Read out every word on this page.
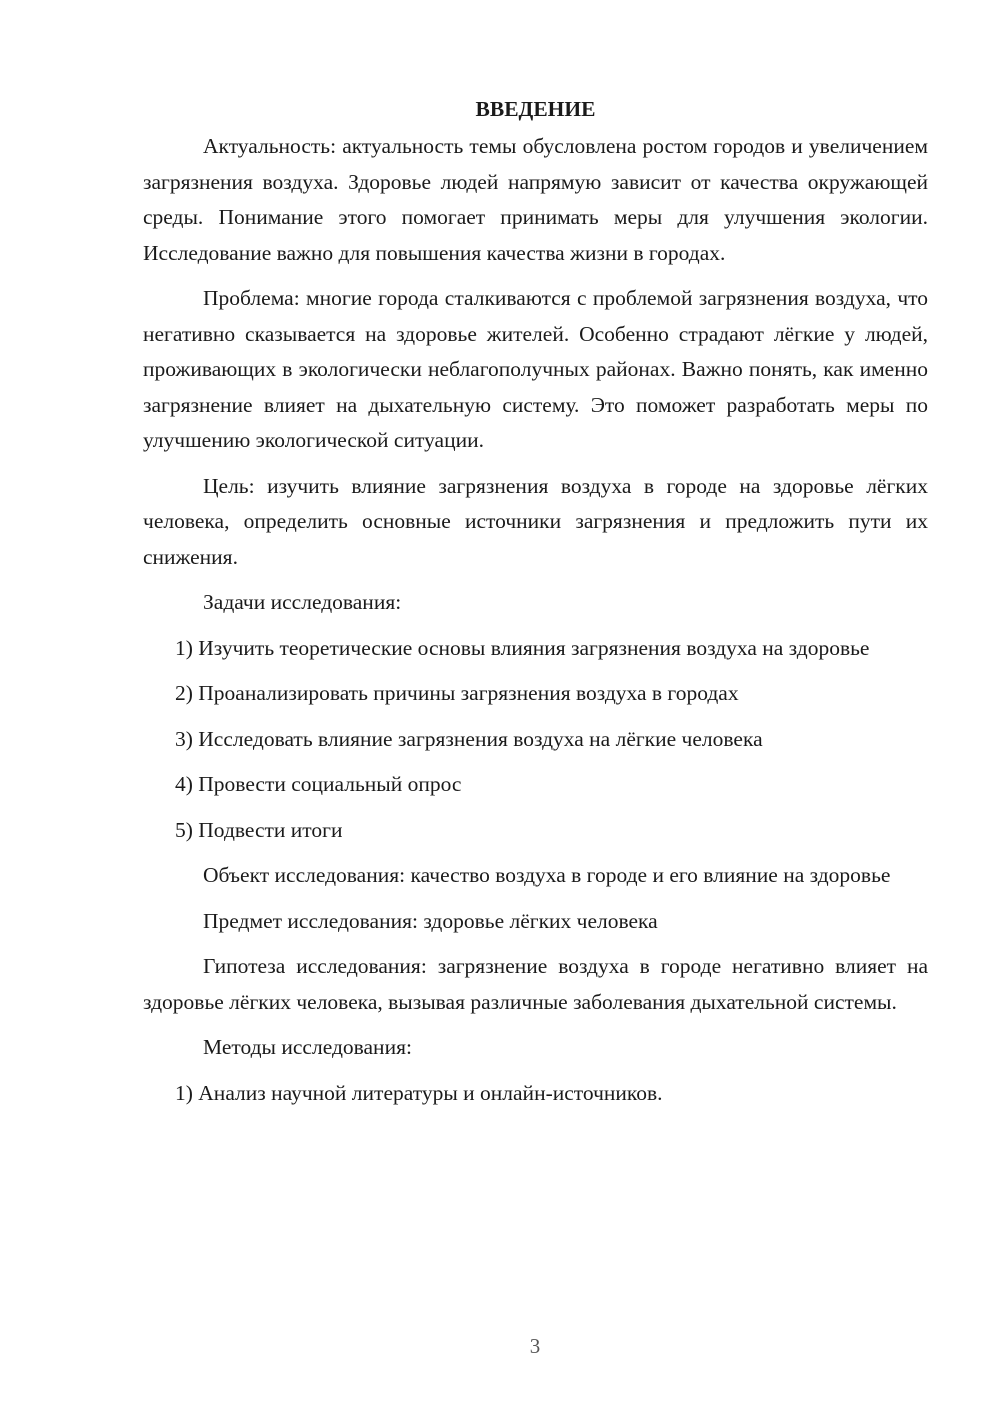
ВВЕДЕНИЕ

Актуальность: актуальность темы обусловлена ростом городов и увеличением загрязнения воздуха. Здоровье людей напрямую зависит от качества окружающей среды. Понимание этого помогает принимать меры для улучшения экологии. Исследование важно для повышения качества жизни в городах.

Проблема: многие города сталкиваются с проблемой загрязнения воздуха, что негативно сказывается на здоровье жителей. Особенно страдают лёгкие у людей, проживающих в экологически неблагополучных районах. Важно понять, как именно загрязнение влияет на дыхательную систему. Это поможет разработать меры по улучшению экологической ситуации.

Цель: изучить влияние загрязнения воздуха в городе на здоровье лёгких человека, определить основные источники загрязнения и предложить пути их снижения.

Задачи исследования:

1) Изучить теоретические основы влияния загрязнения воздуха на здоровье

2) Проанализировать причины загрязнения воздуха в городах

3) Исследовать влияние загрязнения воздуха на лёгкие человека

4) Провести социальный опрос

5) Подвести итоги

Объект исследования: качество воздуха в городе и его влияние на здоровье

Предмет исследования: здоровье лёгких человека

Гипотеза исследования: загрязнение воздуха в городе негативно влияет на здоровье лёгких человека, вызывая различные заболевания дыхательной системы.

Методы исследования:

1) Анализ научной литературы и онлайн-источников.

3
